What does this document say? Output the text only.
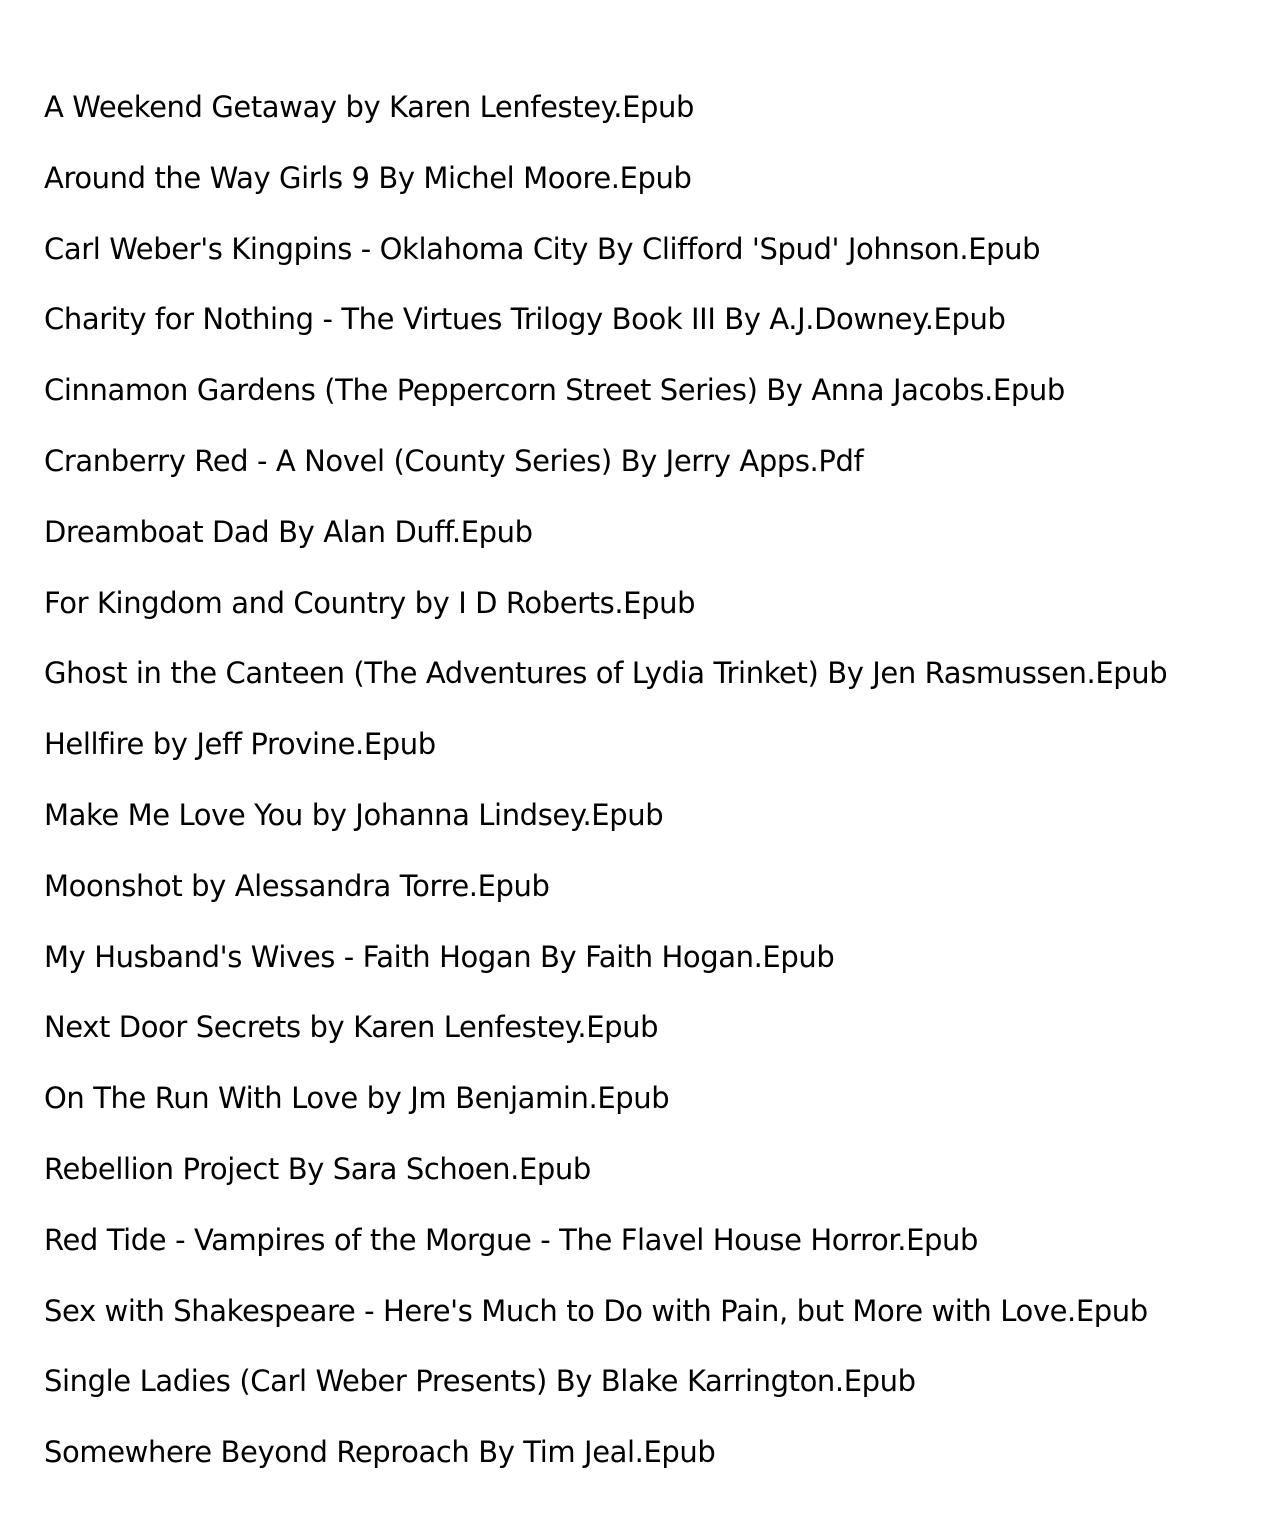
A Weekend Getaway by Karen Lenfestey.Epub
Around the Way Girls 9 By Michel Moore.Epub
Carl Weber's Kingpins - Oklahoma City By Clifford 'Spud' Johnson.Epub
Charity for Nothing - The Virtues Trilogy Book III By A.J.Downey.Epub
Cinnamon Gardens (The Peppercorn Street Series) By Anna Jacobs.Epub
Cranberry Red - A Novel (County Series) By Jerry Apps.Pdf
Dreamboat Dad By Alan Duff.Epub
For Kingdom and Country by I D Roberts.Epub
Ghost in the Canteen (The Adventures of Lydia Trinket) By Jen Rasmussen.Epub
Hellfire by Jeff Provine.Epub
Make Me Love You by Johanna Lindsey.Epub
Moonshot by Alessandra Torre.Epub
My Husband's Wives - Faith Hogan By Faith Hogan.Epub
Next Door Secrets by Karen Lenfestey.Epub
On The Run With Love by Jm Benjamin.Epub
Rebellion Project By Sara Schoen.Epub
Red Tide - Vampires of the Morgue - The Flavel House Horror.Epub
Sex with Shakespeare - Here's Much to Do with Pain, but More with Love.Epub
Single Ladies (Carl Weber Presents) By Blake Karrington.Epub
Somewhere Beyond Reproach By Tim Jeal.Epub
